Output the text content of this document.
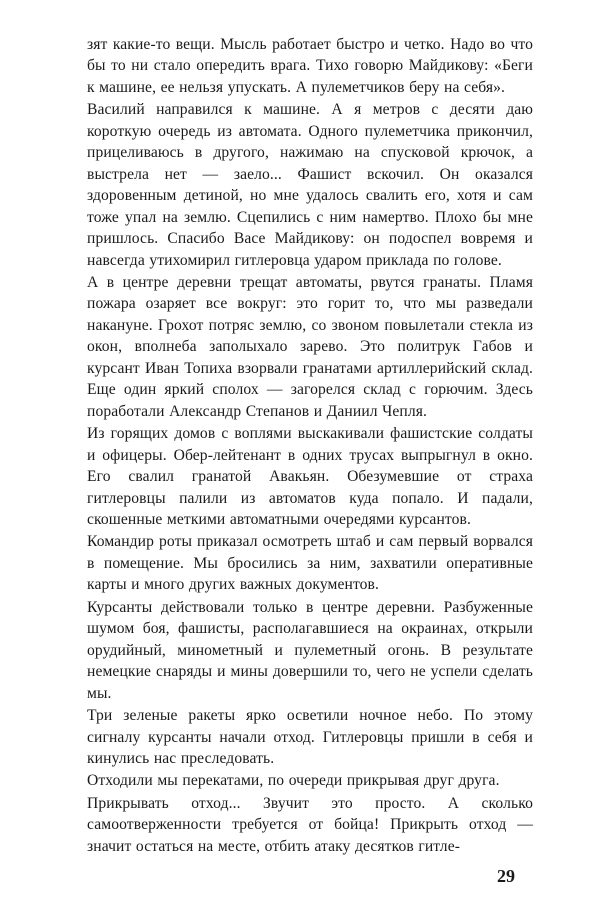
зят какие-то вещи. Мысль работает быстро и четко. Надо во что бы то ни стало опередить врага. Тихо говорю Майдикову: «Беги к машине, ее нельзя упускать. А пулеметчиков беру на себя».

Василий направился к машине. А я метров с десяти даю короткую очередь из автомата. Одного пулеметчика прикончил, прицеливаюсь в другого, нажимаю на спусковой крючок, а выстрела нет — заело... Фашист вскочил. Он оказался здоровенным детиной, но мне удалось свалить его, хотя и сам тоже упал на землю. Сцепились с ним намертво. Плохо бы мне пришлось. Спасибо Васе Майдикову: он подоспел вовремя и навсегда утихомирил гитлеровца ударом приклада по голове.

А в центре деревни трещат автоматы, рвутся гранаты. Пламя пожара озаряет все вокруг: это горит то, что мы разведали накануне. Грохот потряс землю, со звоном повылетали стекла из окон, вполнеба заполыхало зарево. Это политрук Габов и курсант Иван Топиха взорвали гранатами артиллерийский склад. Еще один яркий сполох — загорелся склад с горючим. Здесь поработали Александр Степанов и Даниил Чепля.

Из горящих домов с воплями выскакивали фашистские солдаты и офицеры. Обер-лейтенант в одних трусах выпрыгнул в окно. Его свалил гранатой Авакьян. Обезумевшие от страха гитлеровцы палили из автоматов куда попало. И падали, скошенные меткими автоматными очередями курсантов.

Командир роты приказал осмотреть штаб и сам первый ворвался в помещение. Мы бросились за ним, захватили оперативные карты и много других важных документов.

Курсанты действовали только в центре деревни. Разбуженные шумом боя, фашисты, располагавшиеся на окраинах, открыли орудийный, минометный и пулеметный огонь. В результате немецкие снаряды и мины довершили то, чего не успели сделать мы.

Три зеленые ракеты ярко осветили ночное небо. По этому сигналу курсанты начали отход. Гитлеровцы пришли в себя и кинулись нас преследовать.

Отходили мы перекатами, по очереди прикрывая друг друга.

Прикрывать отход... Звучит это просто. А сколько самоотверженности требуется от бойца! Прикрыть отход — значит остаться на месте, отбить атаку десятков гитле-

29
